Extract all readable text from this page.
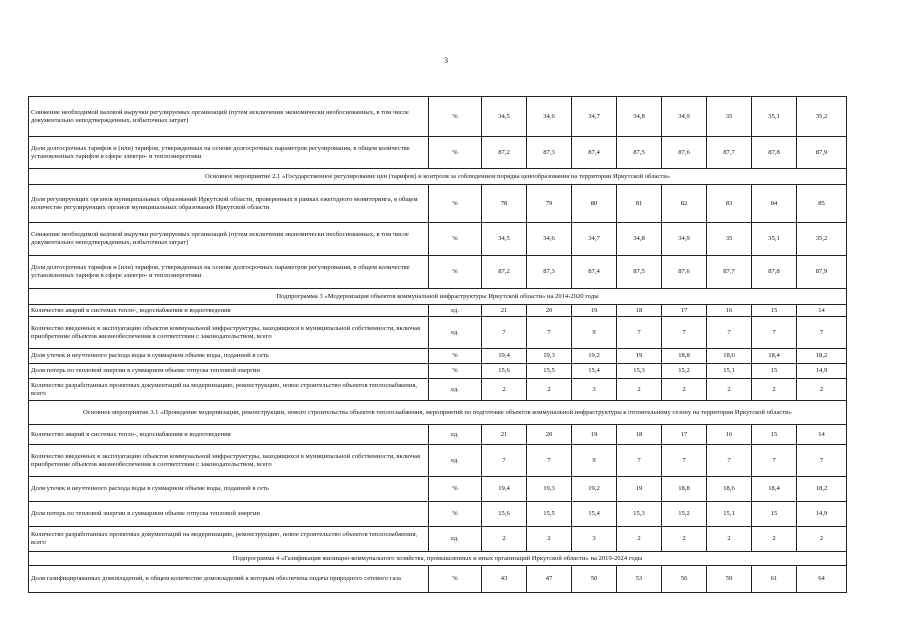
3
Снижение необходимой валовой выручки регулируемых организаций (путем исключения экономически необоснованных, в том числе документально неподтвержденных, избыточных затрат)	%	34,5	34,6	34,7	34,8	34,9	35	35,1	35,2
Доля долгосрочных тарифов и (или) тарифов, утвержденных на основе долгосрочных параметров регулирования, в общем количестве установленных тарифов в сфере электро- и теплоэнергетики	%	87,2	87,3	87,4	87,5	87,6	87,7	87,8	87,9
Основное мероприятие 2.1 «Государственное регулирование цен (тарифов) и контроля за соблюдением порядка ценообразования на территории Иркутской области»									
Доля регулирующих органов муниципальных образований Иркутской области, проверенных в рамках ежегодного мониторинга, в общем количестве регулирующих органов муниципальных образований Иркутской области	%	78	79	80	81	82	83	84	85
Снижение необходимой валовой выручки регулируемых организаций (путем исключения экономически необоснованных, в том числе документально неподтвержденных, избыточных затрат)	%	34,5	34,6	34,7	34,8	34,9	35	35,1	35,2
Доля долгосрочных тарифов и (или) тарифов, утвержденных на основе долгосрочных параметров регулирования, в общем количестве установленных тарифов в сфере электро- и теплоэнергетики	%	87,2	87,3	87,4	87,5	87,6	87,7	87,8	87,9
Подпрограмма 3 «Модернизация объектов коммунальной инфраструктуры Иркутской области» на 2014-2020 годы									
Количество аварий в системах тепло-, водоснабжения и водоотведения	ед.	21	20	19	18	17	16	15	14
Количество введенных в эксплуатацию объектов коммунальной инфраструктуры, находящихся в муниципальной собственности, включая приобретение объектов жизнеобеспечения в соответствии с законодательством, всего	ед.	7	7	9	7	7	7	7	7
Доля утечек и неучтенного расхода воды в суммарном объеме воды, поданной в сеть	%	19,4	19,3	19,2	19	18,8	18,6	18,4	18,2
Доля потерь по тепловой энергии в суммарном объеме отпуска тепловой энергии	%	15,6	15,5	15,4	15,3	15,2	15,1	15	14,9
Количество разработанных проектных документаций на модернизацию, реконструкцию, новое строительство объектов теплоснабжения, всего	ед.	2	2	3	2	2	2	2	2
Основное мероприятие 3.1 «Проведение модернизации, реконструкции, нового строительства объектов теплоснабжения, мероприятий по подготовке объектов коммунальной инфраструктуры к отопительному сезону на территории Иркутской области»									
Количество аварий в системах тепло-, водоснабжения и водоотведения	ед.	21	20	19	18	17	16	15	14
Количество введенных в эксплуатацию объектов коммунальной инфраструктуры, находящихся в муниципальной собственности, включая приобретение объектов жизнеобеспечения в соответствии с законодательством, всего	ед.	7	7	9	7	7	7	7	7
Доля утечек и неучтенного расхода воды в суммарном объеме воды, поданной в сеть	%	19,4	19,3	19,2	19	18,8	18,6	18,4	18,2
Доля потерь по тепловой энергии в суммарном объеме отпуска тепловой энергии	%	15,6	15,5	15,4	15,3	15,2	15,1	15	14,9
Количество разработанных проектных документаций на модернизацию, реконструкцию, новое строительство объектов теплоснабжения, всего	ед.	2	2	3	2	2	2	2	2
Подпрограмма 4 «Газификация жилищно-коммунального хозяйства, промышленных и иных организаций Иркутской области» на 2019-2024 годы									
Доля газифицированных домовладений, в общем количестве домовладений к которым обеспечена подача природного сетевого газа	%	43	47	50	53	56	59	61	64
